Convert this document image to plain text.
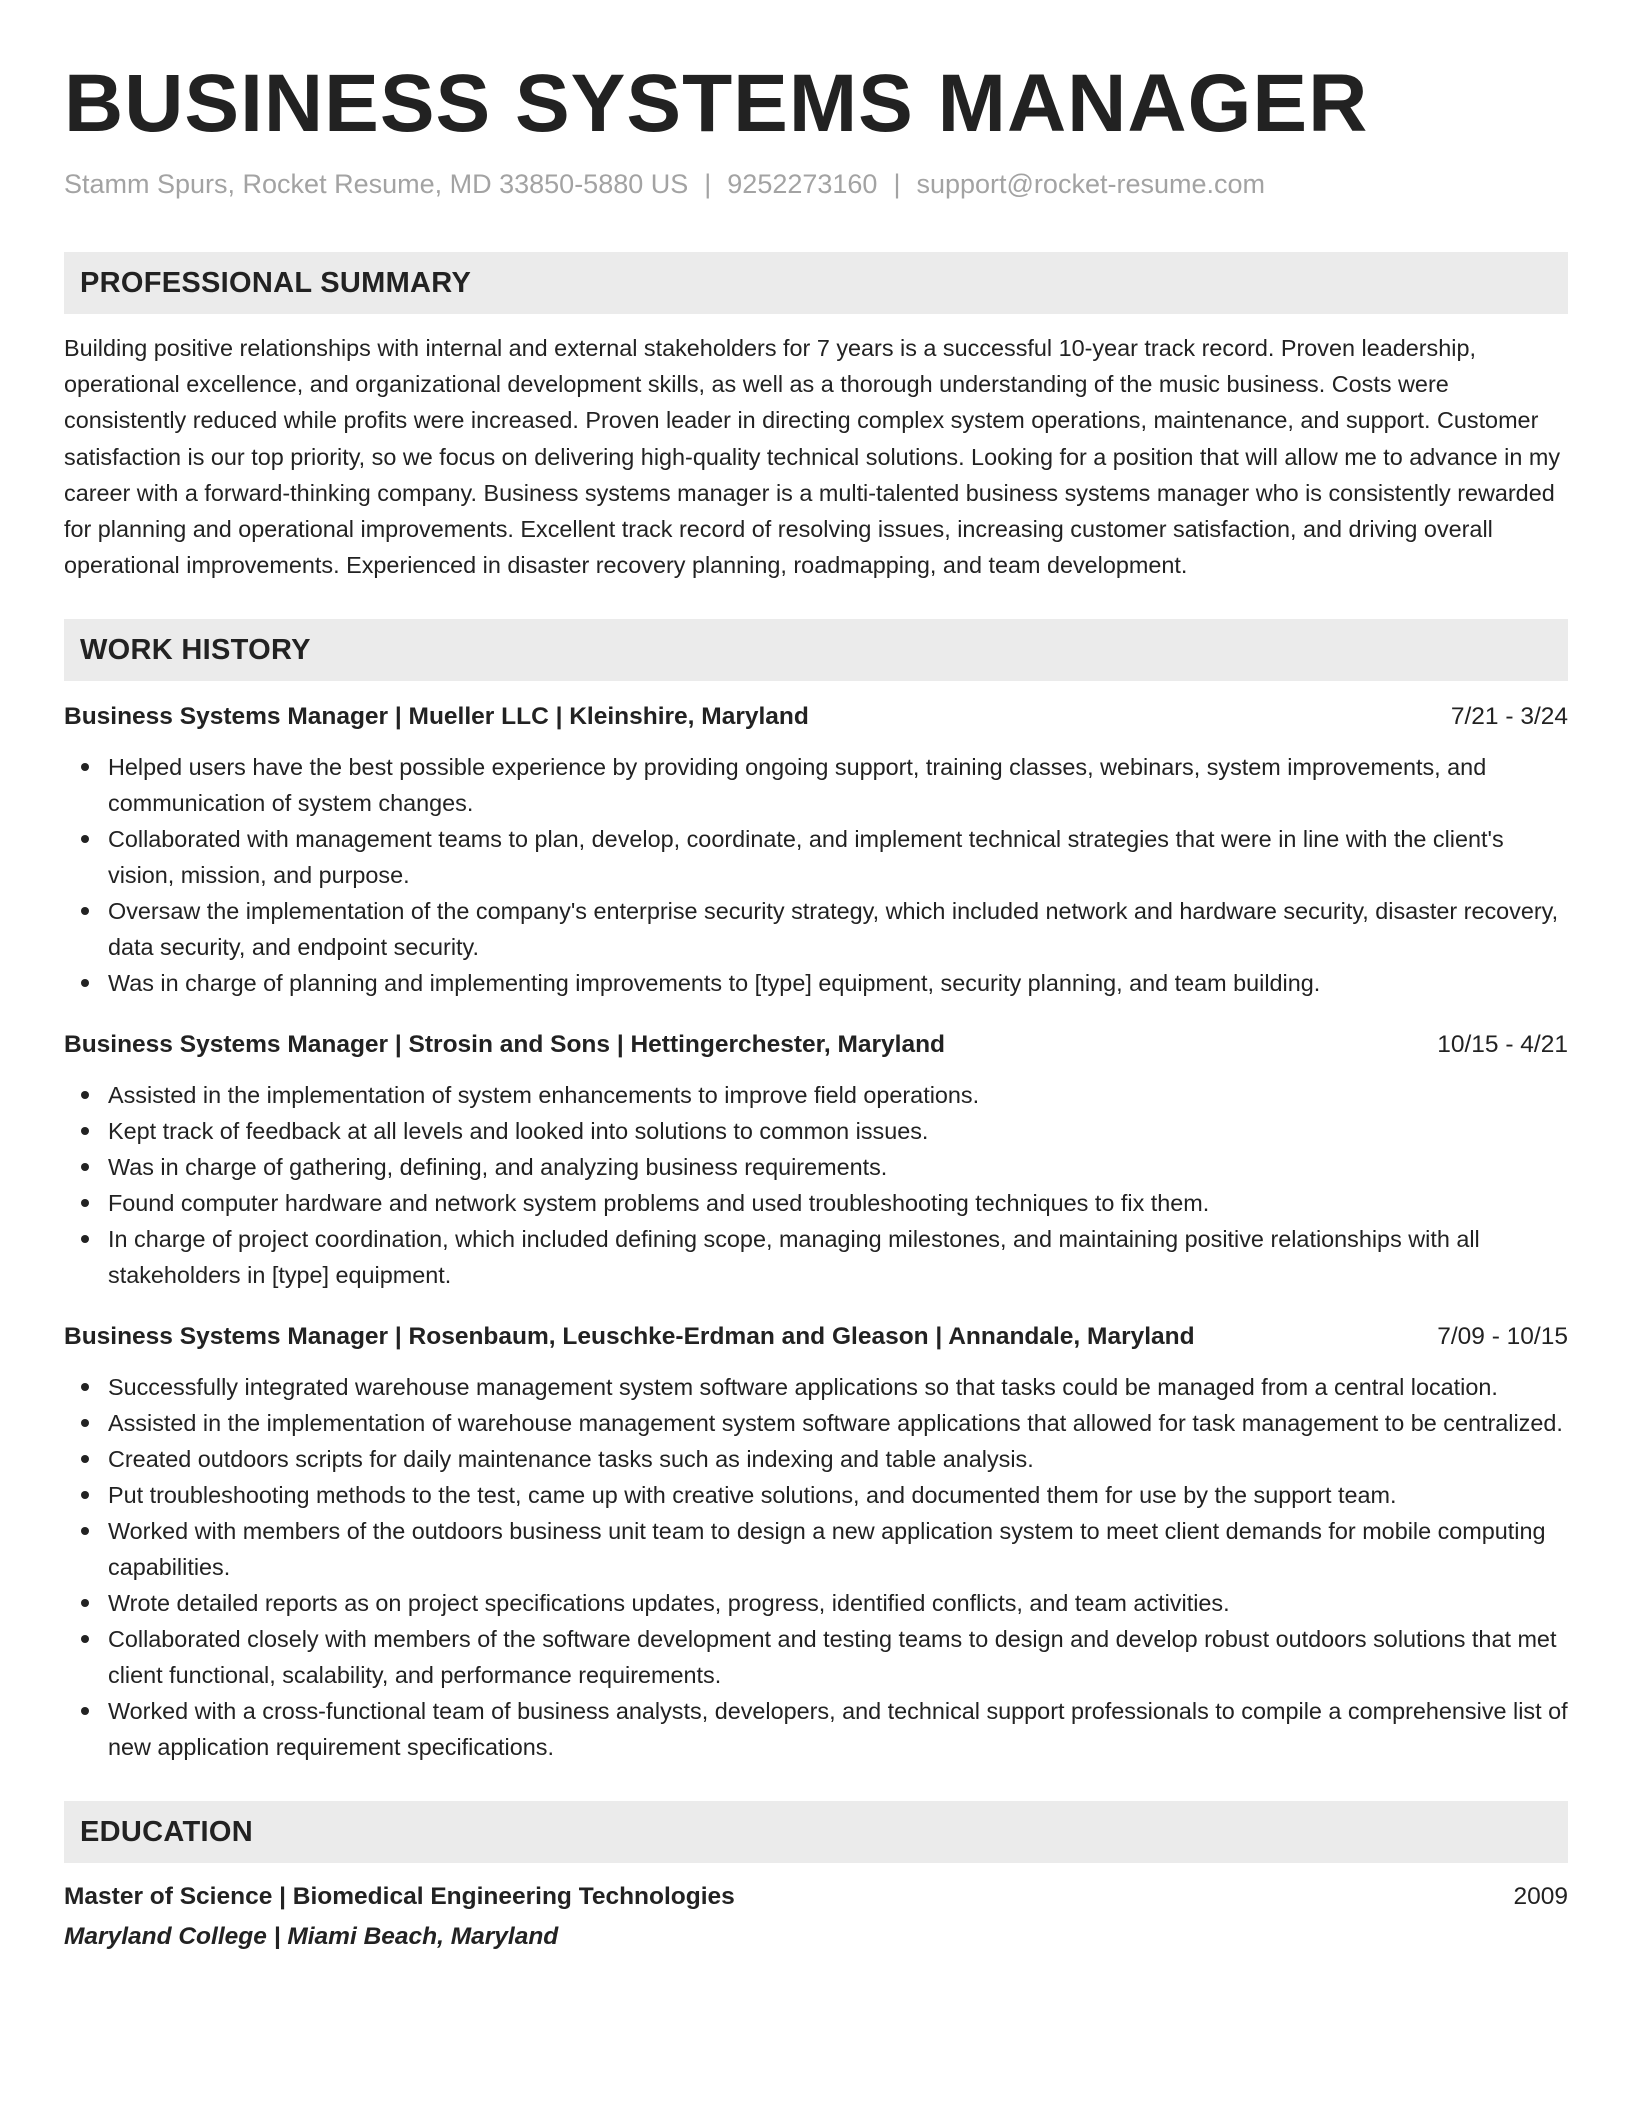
BUSINESS SYSTEMS MANAGER
Stamm Spurs, Rocket Resume, MD 33850-5880 US | 9252273160 | support@rocket-resume.com
PROFESSIONAL SUMMARY
Building positive relationships with internal and external stakeholders for 7 years is a successful 10-year track record. Proven leadership, operational excellence, and organizational development skills, as well as a thorough understanding of the music business. Costs were consistently reduced while profits were increased. Proven leader in directing complex system operations, maintenance, and support. Customer satisfaction is our top priority, so we focus on delivering high-quality technical solutions. Looking for a position that will allow me to advance in my career with a forward-thinking company. Business systems manager is a multi-talented business systems manager who is consistently rewarded for planning and operational improvements. Excellent track record of resolving issues, increasing customer satisfaction, and driving overall operational improvements. Experienced in disaster recovery planning, roadmapping, and team development.
WORK HISTORY
Business Systems Manager | Mueller LLC | Kleinshire, Maryland	7/21 - 3/24
Helped users have the best possible experience by providing ongoing support, training classes, webinars, system improvements, and communication of system changes.
Collaborated with management teams to plan, develop, coordinate, and implement technical strategies that were in line with the client's vision, mission, and purpose.
Oversaw the implementation of the company's enterprise security strategy, which included network and hardware security, disaster recovery, data security, and endpoint security.
Was in charge of planning and implementing improvements to [type] equipment, security planning, and team building.
Business Systems Manager | Strosin and Sons | Hettingerchester, Maryland	10/15 - 4/21
Assisted in the implementation of system enhancements to improve field operations.
Kept track of feedback at all levels and looked into solutions to common issues.
Was in charge of gathering, defining, and analyzing business requirements.
Found computer hardware and network system problems and used troubleshooting techniques to fix them.
In charge of project coordination, which included defining scope, managing milestones, and maintaining positive relationships with all stakeholders in [type] equipment.
Business Systems Manager | Rosenbaum, Leuschke-Erdman and Gleason | Annandale, Maryland	7/09 - 10/15
Successfully integrated warehouse management system software applications so that tasks could be managed from a central location.
Assisted in the implementation of warehouse management system software applications that allowed for task management to be centralized.
Created outdoors scripts for daily maintenance tasks such as indexing and table analysis.
Put troubleshooting methods to the test, came up with creative solutions, and documented them for use by the support team.
Worked with members of the outdoors business unit team to design a new application system to meet client demands for mobile computing capabilities.
Wrote detailed reports as on project specifications updates, progress, identified conflicts, and team activities.
Collaborated closely with members of the software development and testing teams to design and develop robust outdoors solutions that met client functional, scalability, and performance requirements.
Worked with a cross-functional team of business analysts, developers, and technical support professionals to compile a comprehensive list of new application requirement specifications.
EDUCATION
Master of Science | Biomedical Engineering Technologies	2009
Maryland College | Miami Beach, Maryland
